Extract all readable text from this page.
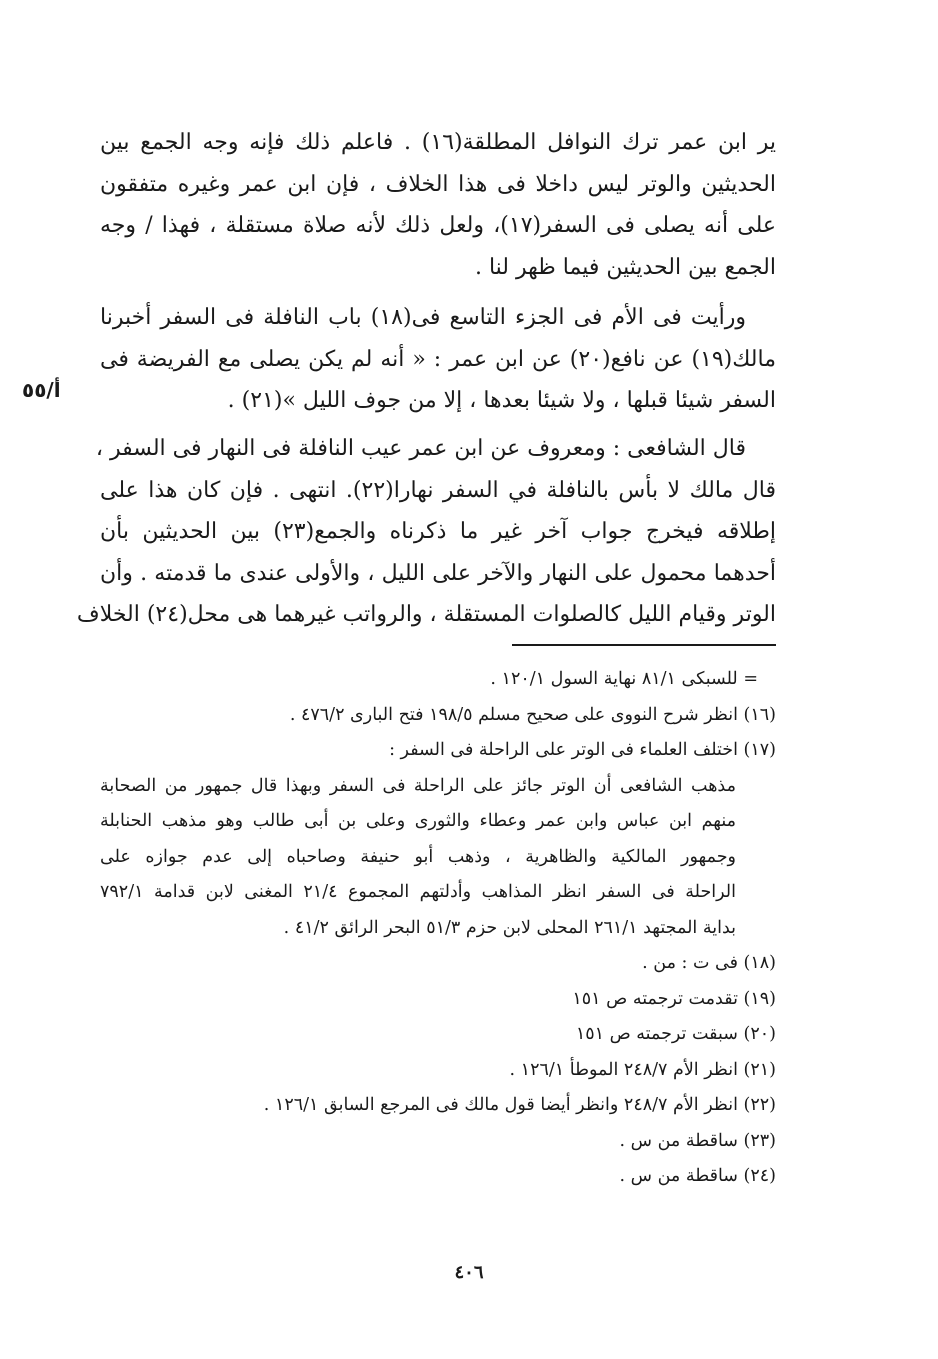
ير ابن عمر ترك النوافل المطلقة(١٦) . فاعلم ذلك فإنه وجه الجمع بين
الحديثين والوتر ليس داخلا فى هذا الخلاف ، فإن ابن عمر وغيره متفقون
على أنه يصلى فى السفر(١٧)، ولعل ذلك لأنه صلاة مستقلة ، فهذا / وجه
الجمع بين الحديثين فيما ظهر لنا .
ورأيت فى الأم فى الجزء التاسع فى(١٨) باب النافلة فى السفر أخبرنا
مالك(١٩) عن نافع(٢٠) عن ابن عمر : « أنه لم يكن يصلى مع الفريضة فى
السفر شيئا قبلها ، ولا شيئا بعدها ، إلا من جوف الليل »(٢١) .
أ/٥٥
قال الشافعى : ومعروف عن ابن عمر عيب النافلة فى النهار فى السفر ،
قال مالك لا بأس بالنافلة في السفر نهارا(٢٢). انتهى . فإن كان هذا على
إطلاقه فيخرج جواب آخر غير ما ذكرناه والجمع(٢٣) بين الحديثين بأن
أحدهما محمول على النهار والآخر على الليل ، والأولى عندى ما قدمته . وأن
الوتر وقيام الليل كالصلوات المستقلة ، والرواتب غيرهما هى محل(٢٤) الخلاف
= للسبكى ٨١/١ نهاية السول ١٢٠/١ .
(١٦) انظر شرح النووى على صحيح مسلم ١٩٨/٥ فتح البارى ٤٧٦/٢ .
(١٧) اختلف العلماء فى الوتر على الراحلة فى السفر :
مذهب الشافعى أن الوتر جائز على الراحلة فى السفر وبهذا قال جمهور من الصحابة
منهم ابن عباس وابن عمر وعطاء والثورى وعلى بن أبى طالب وهو مذهب الحنابلة
وجمهور المالكية والظاهرية ، وذهب أبو حنيفة وصاحباه إلى عدم جوازه على
الراحلة فى السفر انظر المذاهب وأدلتهم المجموع ٢١/٤ المغنى لابن قدامة ٧٩٢/١
بداية المجتهد ٢٦١/١ المحلى لابن حزم ٥١/٣ البحر الرائق ٤١/٢ .
(١٨) فى ت : من .
(١٩) تقدمت ترجمته ص ١٥١
(٢٠) سبقت ترجمته ص ١٥١
(٢١) انظر الأم ٢٤٨/٧ الموطأ ١٢٦/١ .
(٢٢) انظر الأم ٢٤٨/٧ وانظر أيضا قول مالك فى المرجع السابق ١٢٦/١ .
(٢٣) ساقطة من س .
(٢٤) ساقطة من س .
٤٠٦
